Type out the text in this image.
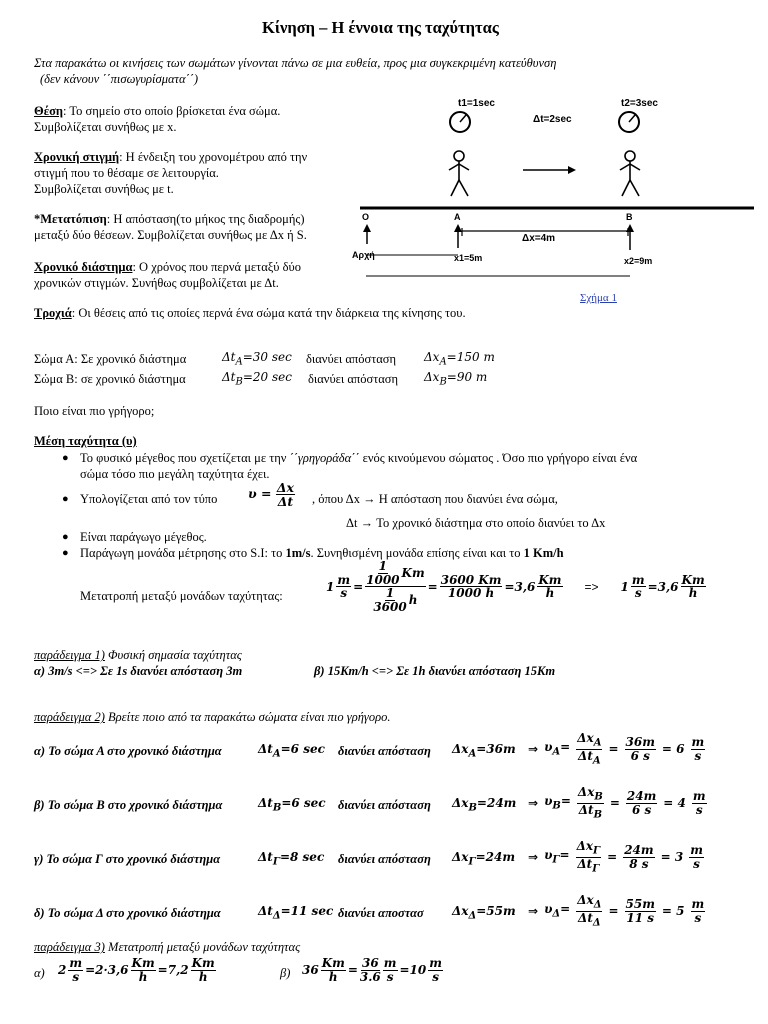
Κίνηση – Η έννοια της ταχύτητας
Στα παρακάτω οι κινήσεις των σωμάτων γίνονται πάνω σε μια ευθεία, προς μια συγκεκριμένη κατεύθυνση
(δεν κάνουν ΄΄πισωγυρίσματα΄΄)
Θέση: Το σημείο στο οποίο βρίσκεται ένα σώμα.
Συμβολίζεται συνήθως με x.
Χρονική στιγμή: Η ένδειξη του χρονομέτρου από την
στιγμή που το θέσαμε σε λειτουργία.
Συμβολίζεται συνήθως με t.
*Μετατόπιση: Η απόσταση(το μήκος της διαδρομής)
μεταξύ δύο θέσεων. Συμβολίζεται συνήθως με Δx ή S.
Χρονικό διάστημα: Ο χρόνος που περνά μεταξύ δύο
χρονικών στιγμών. Συνήθως συμβολίζεται με Δt.
Τροχιά: Οι θέσεις από τις οποίες περνά ένα σώμα κατά την διάρκεια της κίνησης του.
t1=1sec	t2=3sec
Δt=2sec
O	A	B
Δx=4m
Αρχή	x1=5m	x2=9m
Σχήμα 1
Σώμα Α: Σε χρονικό διάστημα	$\Delta t_A=30$ sec διανύει απόσταση $\Delta x_A=150$ m
Σώμα Β: σε χρονικό διάστημα	$\Delta t_B=20$ sec διανύει απόσταση $\Delta x_B=90$ m
Ποιο είναι πιο γρήγορο;
Μέση ταχύτητα (υ)
● Το φυσικό μέγεθος που σχετίζεται με την ΄΄γρηγοράδα΄΄ ενός κινούμενου σώματος . Όσο πιο γρήγορο είναι ένα
σώμα τόσο πιο μεγάλη ταχύτητα έχει.
● Υπολογίζεται από τον τύπο $\upsilon = \frac{\Delta x}{\Delta t}$ , όπου Δx → Η απόσταση που διανύει ένα σώμα,
Δt → Το χρονικό διάστημα στο οποίο διανύει το Δx
● Είναι παράγωγο μέγεθος.
● Παράγωγη μονάδα μέτρησης στο S.I: το 1m/s. Συνηθισμένη μονάδα επίσης είναι και το 1 Km/h
Μετατροπή μεταξύ μονάδων ταχύτητας:
$1 \frac{m}{s} = \frac{\frac{1}{1000} Km}{\frac{1}{3600} h} = \frac{3600 Km}{1000 h} =3,6 \frac{Km}{h} => 1 \frac{m}{s} =3,6 \frac{Km}{h}$
παράδειγμα 1) Φυσική σημασία ταχύτητας
α) 3m/s <=> Σε 1s διανύει απόσταση 3m	β) 15Km/h <=> Σε 1h διανύει απόσταση 15Km
παράδειγμα 2) Βρείτε ποιο από τα παρακάτω σώματα είναι πιο γρήγορο.
α) Το σώμα Α στο χρονικό διάστημα	$\Delta t_A=6$ sec διανύει απόσταση $\Delta x_A=36m$ ⇒ $\upsilon_A= \frac{\Delta x_A}{\Delta t_A} = \frac{36m}{6 s} = 6 \frac{m}{s}$
β) Το σώμα Β στο χρονικό διάστημα	$\Delta t_B=6$ sec διανύει απόσταση $\Delta x_B=24m$ ⇒ $\upsilon_B= \frac{\Delta x_B}{\Delta t_B} = \frac{24m}{6 s} = 4 \frac{m}{s}$
γ) Το σώμα Γ στο χρονικό διάστημα	$\Delta t_\Gamma=8$ sec διανύει απόσταση $\Delta x_\Gamma=24m$ ⇒ $\upsilon_\Gamma= \frac{\Delta x_\Gamma}{\Delta t_\Gamma} = \frac{24m}{8 s} = 3 \frac{m}{s}$
δ) Το σώμα Δ στο χρονικό διάστημα	$\Delta t_\Delta=11$ sec διανύει αποστασ $\Delta x_\Delta=55m$ ⇒ $\upsilon_\Delta= \frac{\Delta x_\Delta}{\Delta t_\Delta} = \frac{55m}{11 s} = 5 \frac{m}{s}$
παράδειγμα 3) Μετατροπή μεταξύ μονάδων ταχύτητας
α) $2 \frac{m}{s} =2\cdot 3,6 \frac{Km}{h} =7,2 \frac{Km}{h}$	β) $36 \frac{Km}{h} = \frac{36}{3.6} \frac{m}{s} =10 \frac{m}{s}$
